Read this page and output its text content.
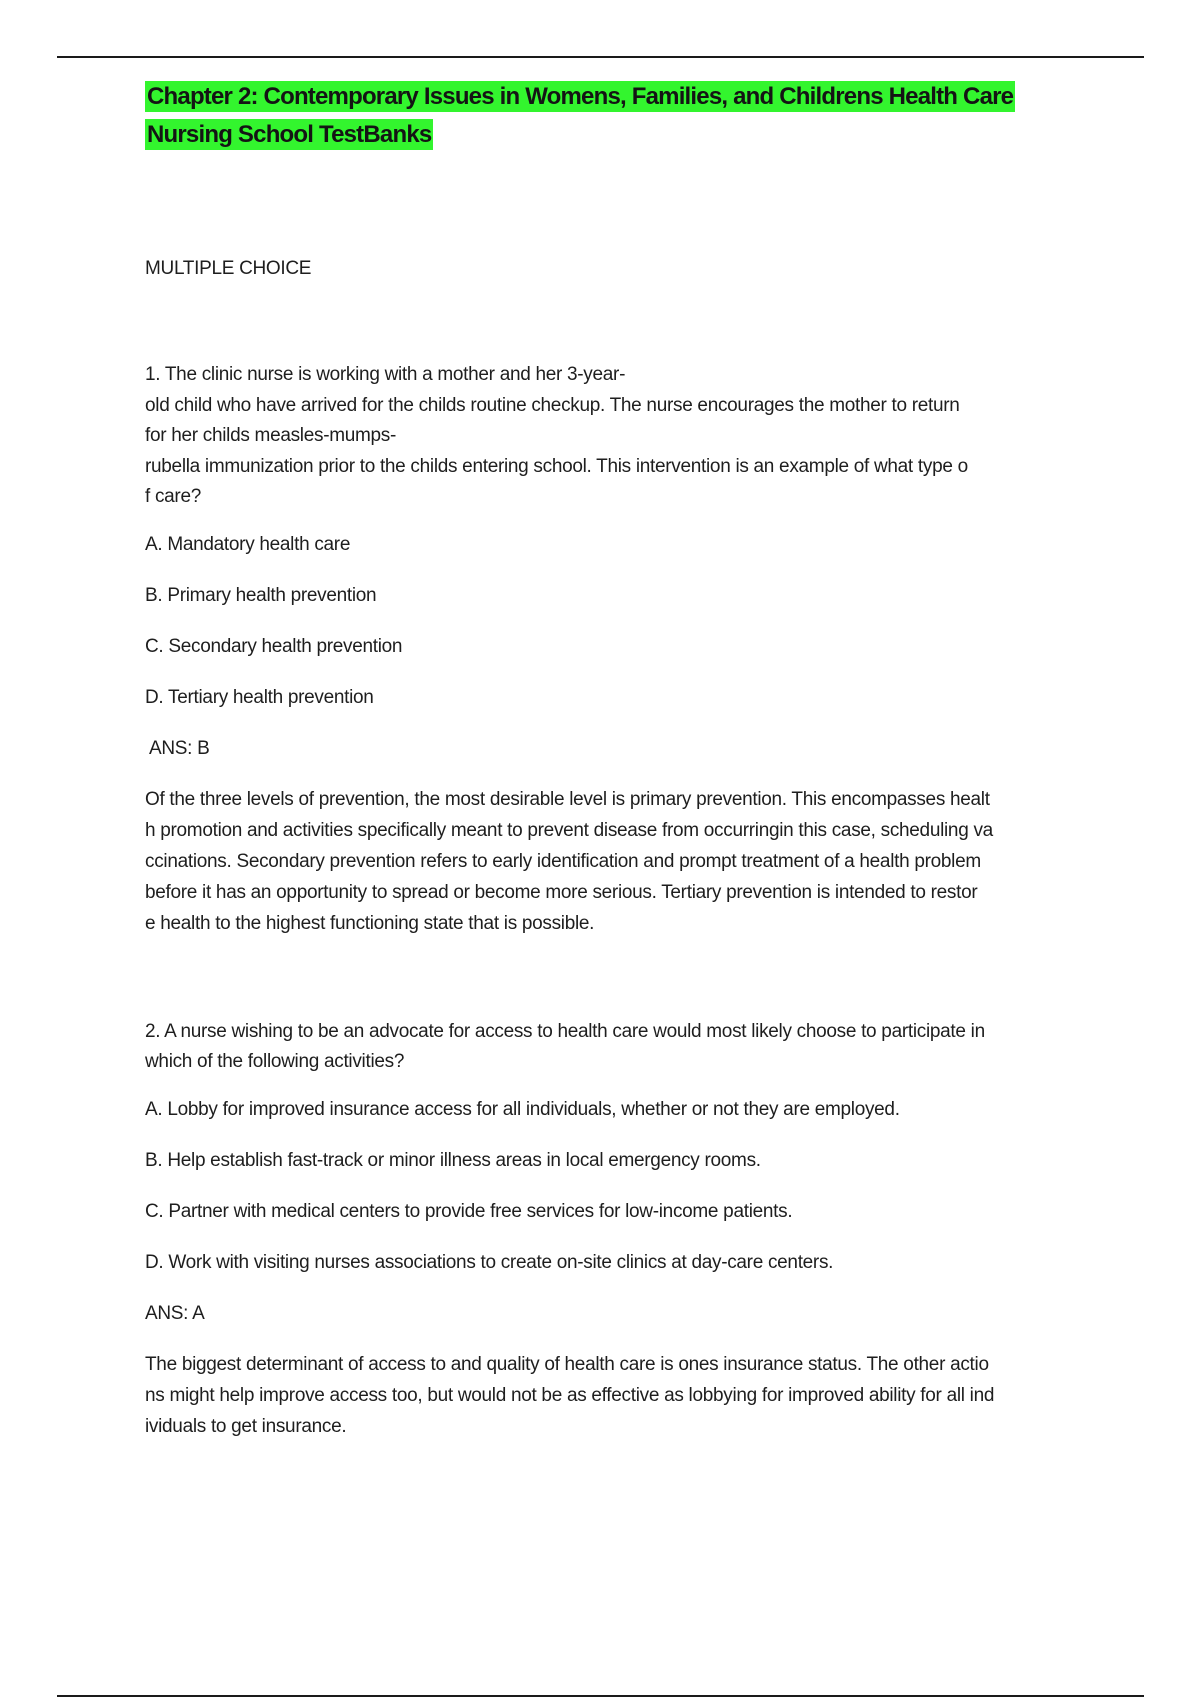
Chapter 2: Contemporary Issues in Womens, Families, and Childrens Health Care
Nursing School TestBanks

MULTIPLE CHOICE

1. The clinic nurse is working with a mother and her 3-year-
old child who have arrived for the childs routine checkup. The nurse encourages the mother to return
for her childs measles-mumps-
rubella immunization prior to the childs entering school. This intervention is an example of what type o
f care?

A. Mandatory health care

B. Primary health prevention

C. Secondary health prevention

D. Tertiary health prevention

ANS: B

Of the three levels of prevention, the most desirable level is primary prevention. This encompasses healt
h promotion and activities specifically meant to prevent disease from occurringin this case, scheduling va
ccinations. Secondary prevention refers to early identification and prompt treatment of a health problem
before it has an opportunity to spread or become more serious. Tertiary prevention is intended to restor
e health to the highest functioning state that is possible.

2. A nurse wishing to be an advocate for access to health care would most likely choose to participate in
which of the following activities?

A. Lobby for improved insurance access for all individuals, whether or not they are employed.

B. Help establish fast-track or minor illness areas in local emergency rooms.

C. Partner with medical centers to provide free services for low-income patients.

D. Work with visiting nurses associations to create on-site clinics at day-care centers.

ANS: A

The biggest determinant of access to and quality of health care is ones insurance status. The other actio
ns might help improve access too, but would not be as effective as lobbying for improved ability for all ind
ividuals to get insurance.
